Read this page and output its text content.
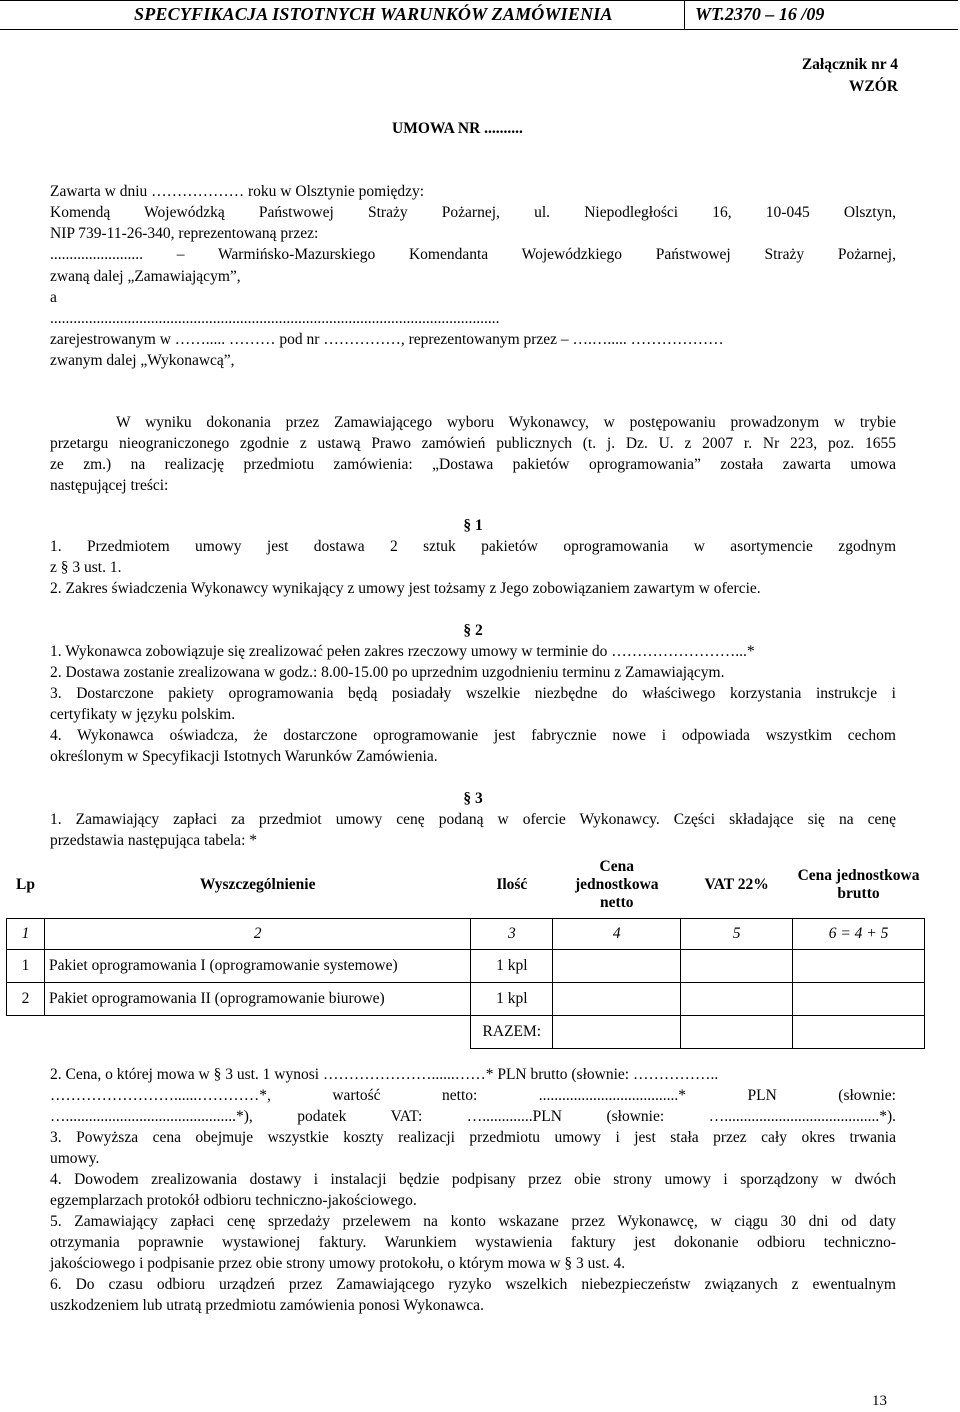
SPECYFIKACJA ISTOTNYCH WARUNKÓW ZAMÓWIENIA	WT.2370 – 16 /09
Załącznik nr 4
WZÓR
UMOWA NR ..........
Zawarta w dniu ……………… roku w Olsztynie pomiędzy:
Komendą Wojewódzką Państwowej Straży Pożarnej, ul. Niepodległości 16, 10-045 Olsztyn,
NIP 739-11-26-340, reprezentowaną przez:
........................ – Warmińsko-Mazurskiego Komendanta Wojewódzkiego Państwowej Straży Pożarnej,
zwaną dalej „Zamawiającym”,
a
....................................................................................................................
zarejestrowanym w ……..... ……… pod nr ……………, reprezentowanym przez – ….…..... ………………
zwanym dalej „Wykonawcą”,
W wyniku dokonania przez Zamawiającego wyboru Wykonawcy, w postępowaniu prowadzonym w trybie
przetargu nieograniczonego zgodnie z ustawą Prawo zamówień publicznych (t. j. Dz. U. z 2007 r. Nr 223, poz. 1655
ze zm.) na realizację przedmiotu zamówienia: „Dostawa pakietów oprogramowania” została zawarta umowa
następującej treści:
§ 1
1. Przedmiotem umowy jest dostawa 2 sztuk pakietów oprogramowania w asortymencie zgodnym
z § 3 ust. 1.
2. Zakres świadczenia Wykonawcy wynikający z umowy jest tożsamy z Jego zobowiązaniem zawartym w ofercie.
§ 2
1. Wykonawca zobowiązuje się zrealizować pełen zakres rzeczowy umowy w terminie do ……………………...*
2. Dostawa zostanie zrealizowana w godz.: 8.00-15.00 po uprzednim uzgodnieniu terminu z Zamawiającym.
3. Dostarczone pakiety oprogramowania będą posiadały wszelkie niezbędne do właściwego korzystania instrukcje i
certyfikaty w języku polskim.
4. Wykonawca oświadcza, że dostarczone oprogramowanie jest fabrycznie nowe i odpowiada wszystkim cechom
określonym w Specyfikacji Istotnych Warunków Zamówienia.
§ 3
1. Zamawiający zapłaci za przedmiot umowy cenę podaną w ofercie Wykonawcy. Części składające się na cenę
przedstawia następująca tabela: *
Lp	Wyszczególnienie	Ilość	Cena jednostkowa netto	VAT 22%	Cena jednostkowa brutto
1	2	3	4	5	6 = 4 + 5
1	Pakiet oprogramowania I (oprogramowanie systemowe)	1 kpl			
2	Pakiet oprogramowania II (oprogramowanie biurowe)	1 kpl			
		RAZEM:			
2. Cena, o której mowa w § 3 ust. 1 wynosi …………………......……* PLN brutto (słownie: ……………..
……………………......…………*, wartość netto: ....................................* PLN (słownie:
…............................................*), podatek VAT: ….............PLN (słownie: …........................................*).
3. Powyższa cena obejmuje wszystkie koszty realizacji przedmiotu umowy i jest stała przez cały okres trwania
umowy.
4. Dowodem zrealizowania dostawy i instalacji będzie podpisany przez obie strony umowy i sporządzony w dwóch
egzemplarzach protokół odbioru techniczno-jakościowego.
5. Zamawiający zapłaci cenę sprzedaży przelewem na konto wskazane przez Wykonawcę, w ciągu 30 dni od daty
otrzymania poprawnie wystawionej faktury. Warunkiem wystawienia faktury jest dokonanie odbioru techniczno-
jakościowego i podpisanie przez obie strony umowy protokołu, o którym mowa w § 3 ust. 4.
6. Do czasu odbioru urządzeń przez Zamawiającego ryzyko wszelkich niebezpieczeństw związanych z ewentualnym
uszkodzeniem lub utratą przedmiotu zamówienia ponosi Wykonawca.
13
